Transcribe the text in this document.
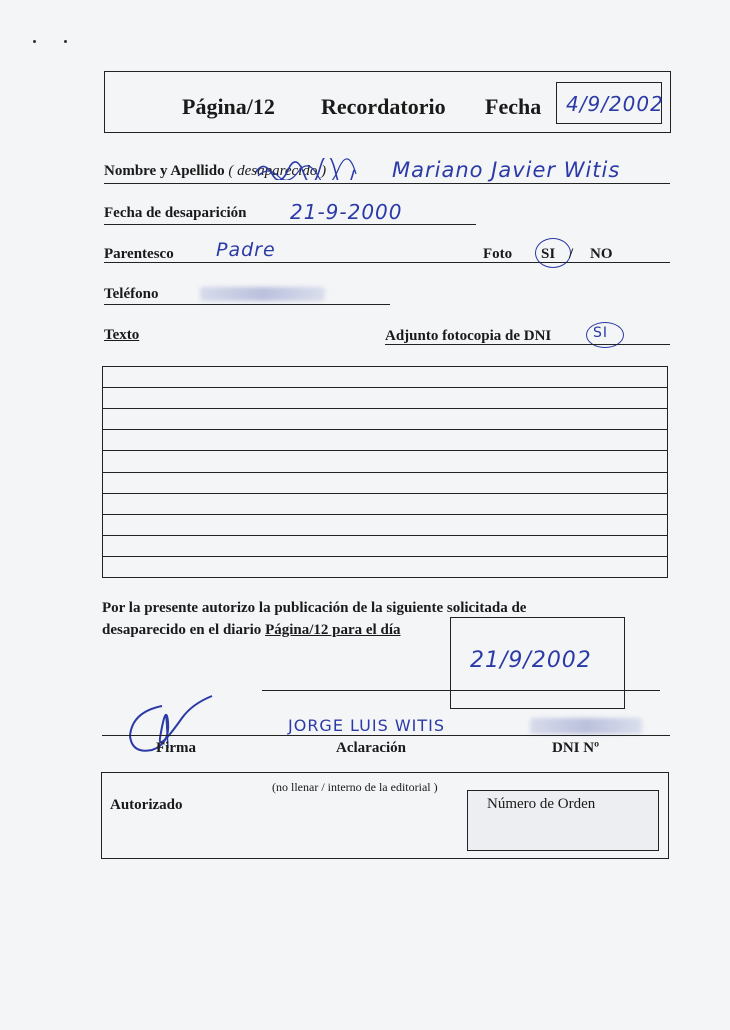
Página/12 Recordatorio Fecha 4/9/2002
Nombre y Apellido ( desaparecido )	Mariano Javier Witis
Fecha de desaparición 21-9-2000
Parentesco Padre	Foto SI / NO
Teléfono
Texto	Adjunto fotocopia de DNI	SI
Por la presente autorizo la publicación de la siguiente solicitada de
desaparecido en el diario Página/12 para el día
21/9/2002
JORGE LUIS WITIS
Firma	Aclaración	DNI Nº
(no llenar / interno de la editorial )
Autorizado	Número de Orden
